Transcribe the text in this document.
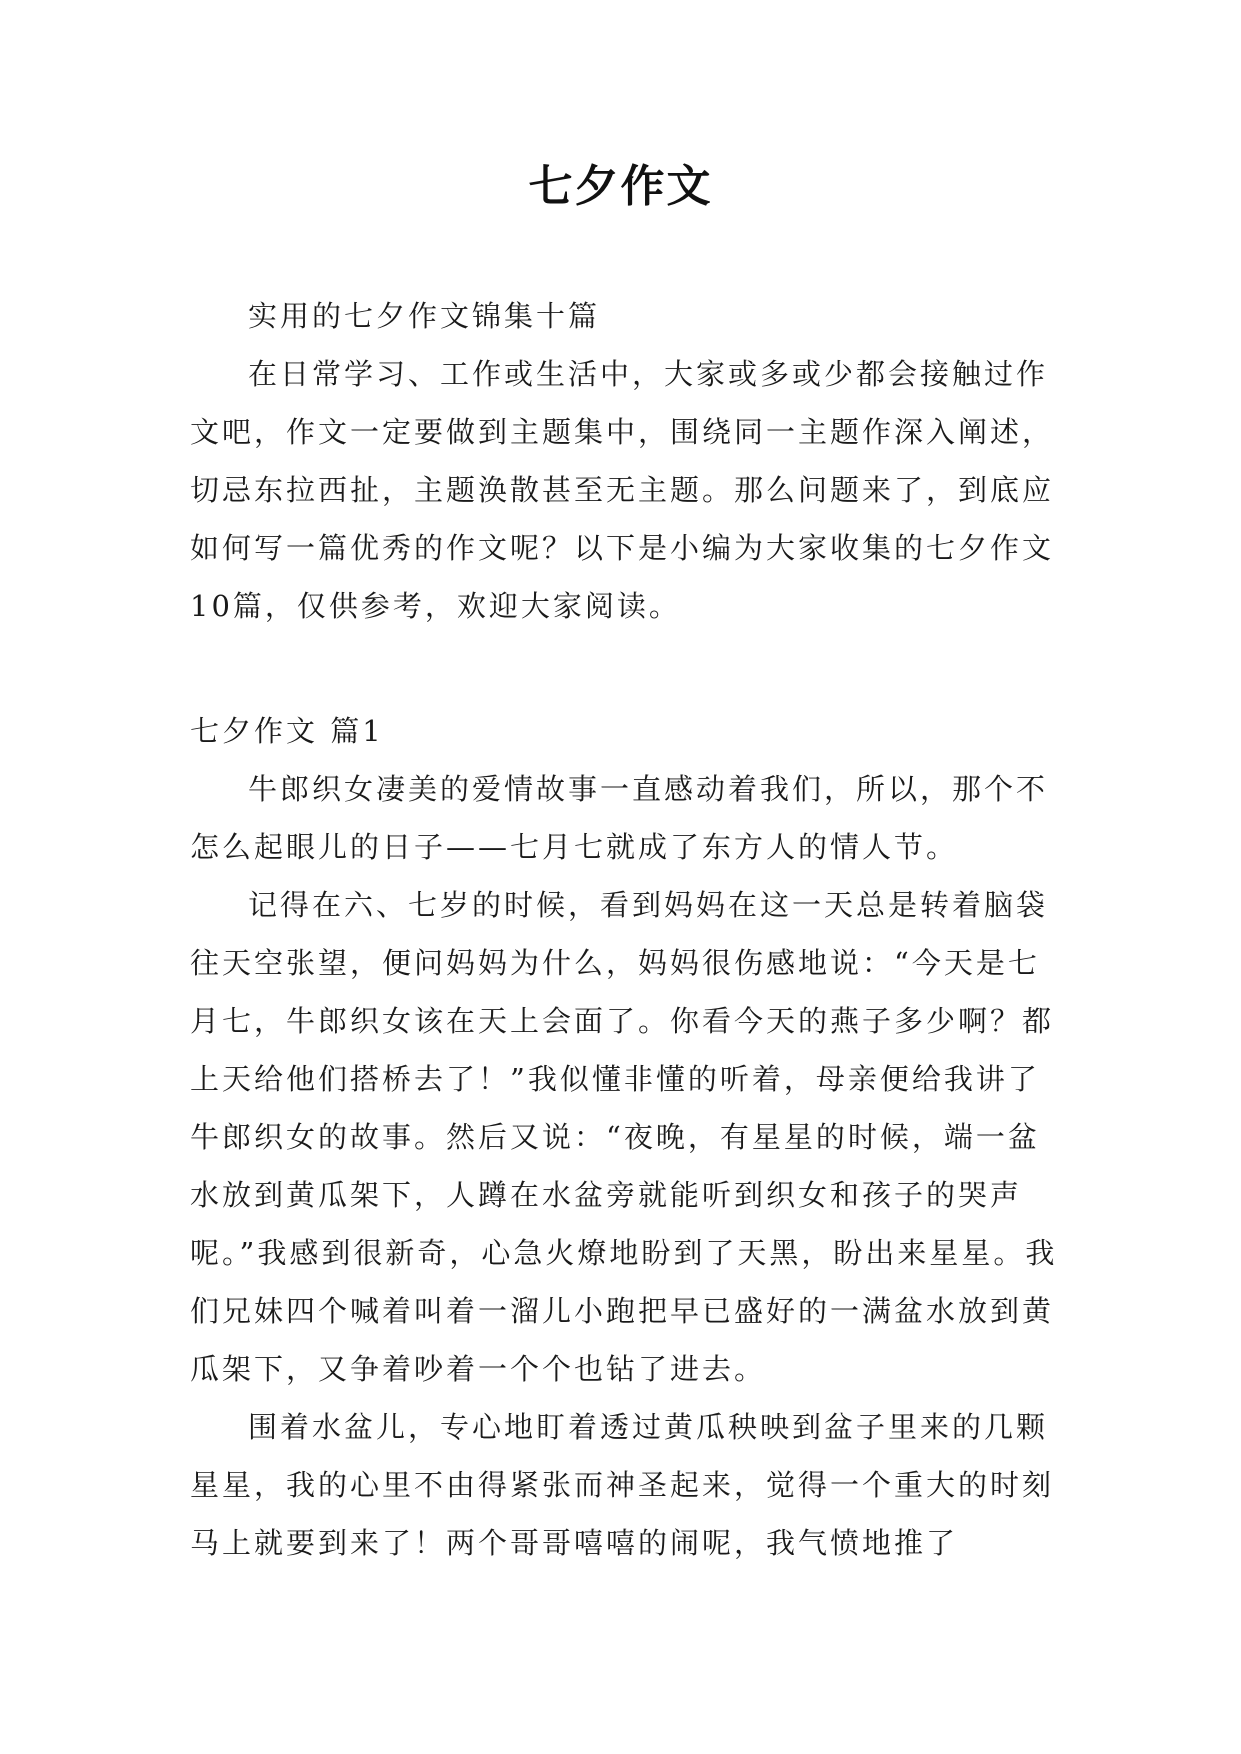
七夕作文

实用的七夕作文锦集十篇

在日常学习、工作或生活中，大家或多或少都会接触过作文吧，作文一定要做到主题集中，围绕同一主题作深入阐述，切忌东拉西扯，主题涣散甚至无主题。那么问题来了，到底应如何写一篇优秀的作文呢？以下是小编为大家收集的七夕作文10篇，仅供参考，欢迎大家阅读。

七夕作文 篇1

牛郎织女凄美的爱情故事一直感动着我们，所以，那个不怎么起眼儿的日子——七月七就成了东方人的情人节。

记得在六、七岁的时候，看到妈妈在这一天总是转着脑袋往天空张望，便问妈妈为什么，妈妈很伤感地说：“今天是七月七，牛郎织女该在天上会面了。你看今天的燕子多少啊？都上天给他们搭桥去了！”我似懂非懂的听着，母亲便给我讲了牛郎织女的故事。然后又说：“夜晚，有星星的时候，端一盆水放到黄瓜架下，人蹲在水盆旁就能听到织女和孩子的哭声呢。”我感到很新奇，心急火燎地盼到了天黑，盼出来星星。我们兄妹四个喊着叫着一溜儿小跑把早已盛好的一满盆水放到黄瓜架下，又争着吵着一个个也钻了进去。

围着水盆儿，专心地盯着透过黄瓜秧映到盆子里来的几颗星星，我的心里不由得紧张而神圣起来，觉得一个重大的时刻马上就要到来了！两个哥哥嘻嘻的闹呢，我气愤地推了
